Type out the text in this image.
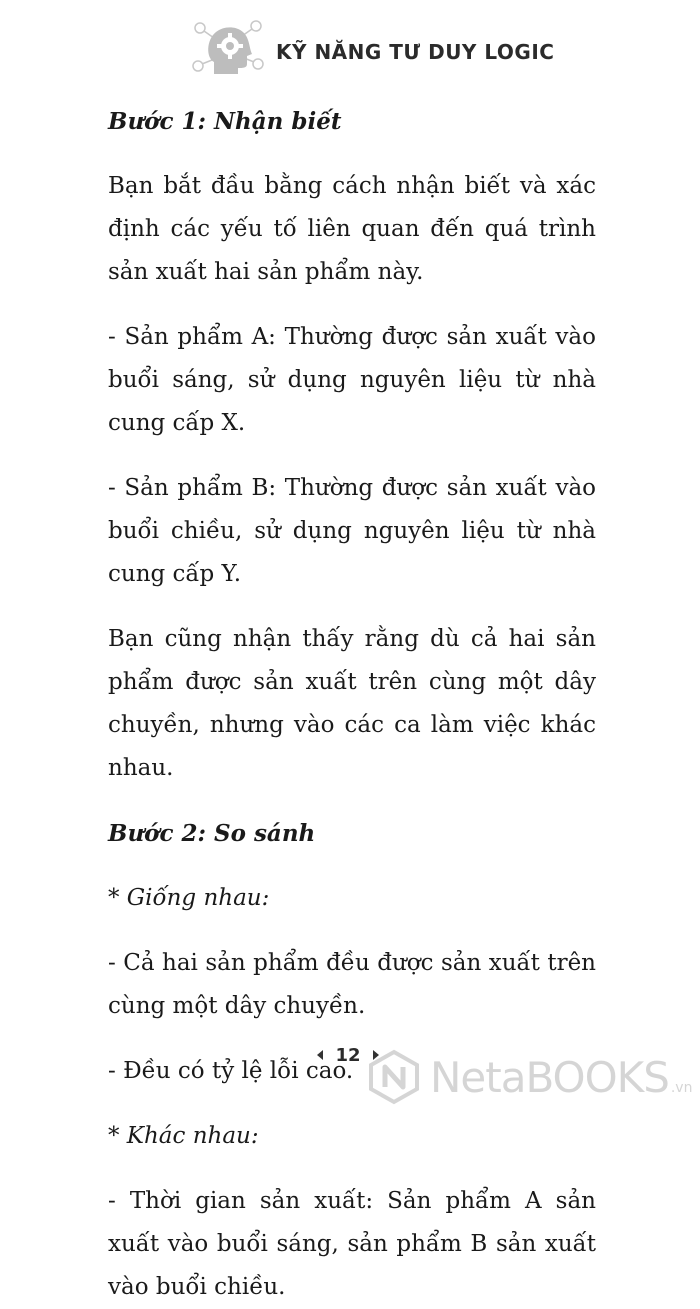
KỸ NĂNG TƯ DUY LOGIC

Bước 1: Nhận biết

Bạn bắt đầu bằng cách nhận biết và xác định các yếu tố liên quan đến quá trình sản xuất hai sản phẩm này.

- Sản phẩm A: Thường được sản xuất vào buổi sáng, sử dụng nguyên liệu từ nhà cung cấp X.

- Sản phẩm B: Thường được sản xuất vào buổi chiều, sử dụng nguyên liệu từ nhà cung cấp Y.

Bạn cũng nhận thấy rằng dù cả hai sản phẩm được sản xuất trên cùng một dây chuyền, nhưng vào các ca làm việc khác nhau.

Bước 2: So sánh

* Giống nhau:

- Cả hai sản phẩm đều được sản xuất trên cùng một dây chuyền.

- Đều có tỷ lệ lỗi cao.

* Khác nhau:

- Thời gian sản xuất: Sản phẩm A sản xuất vào buổi sáng, sản phẩm B sản xuất vào buổi chiều.

12 NetaBOOKS .vn
